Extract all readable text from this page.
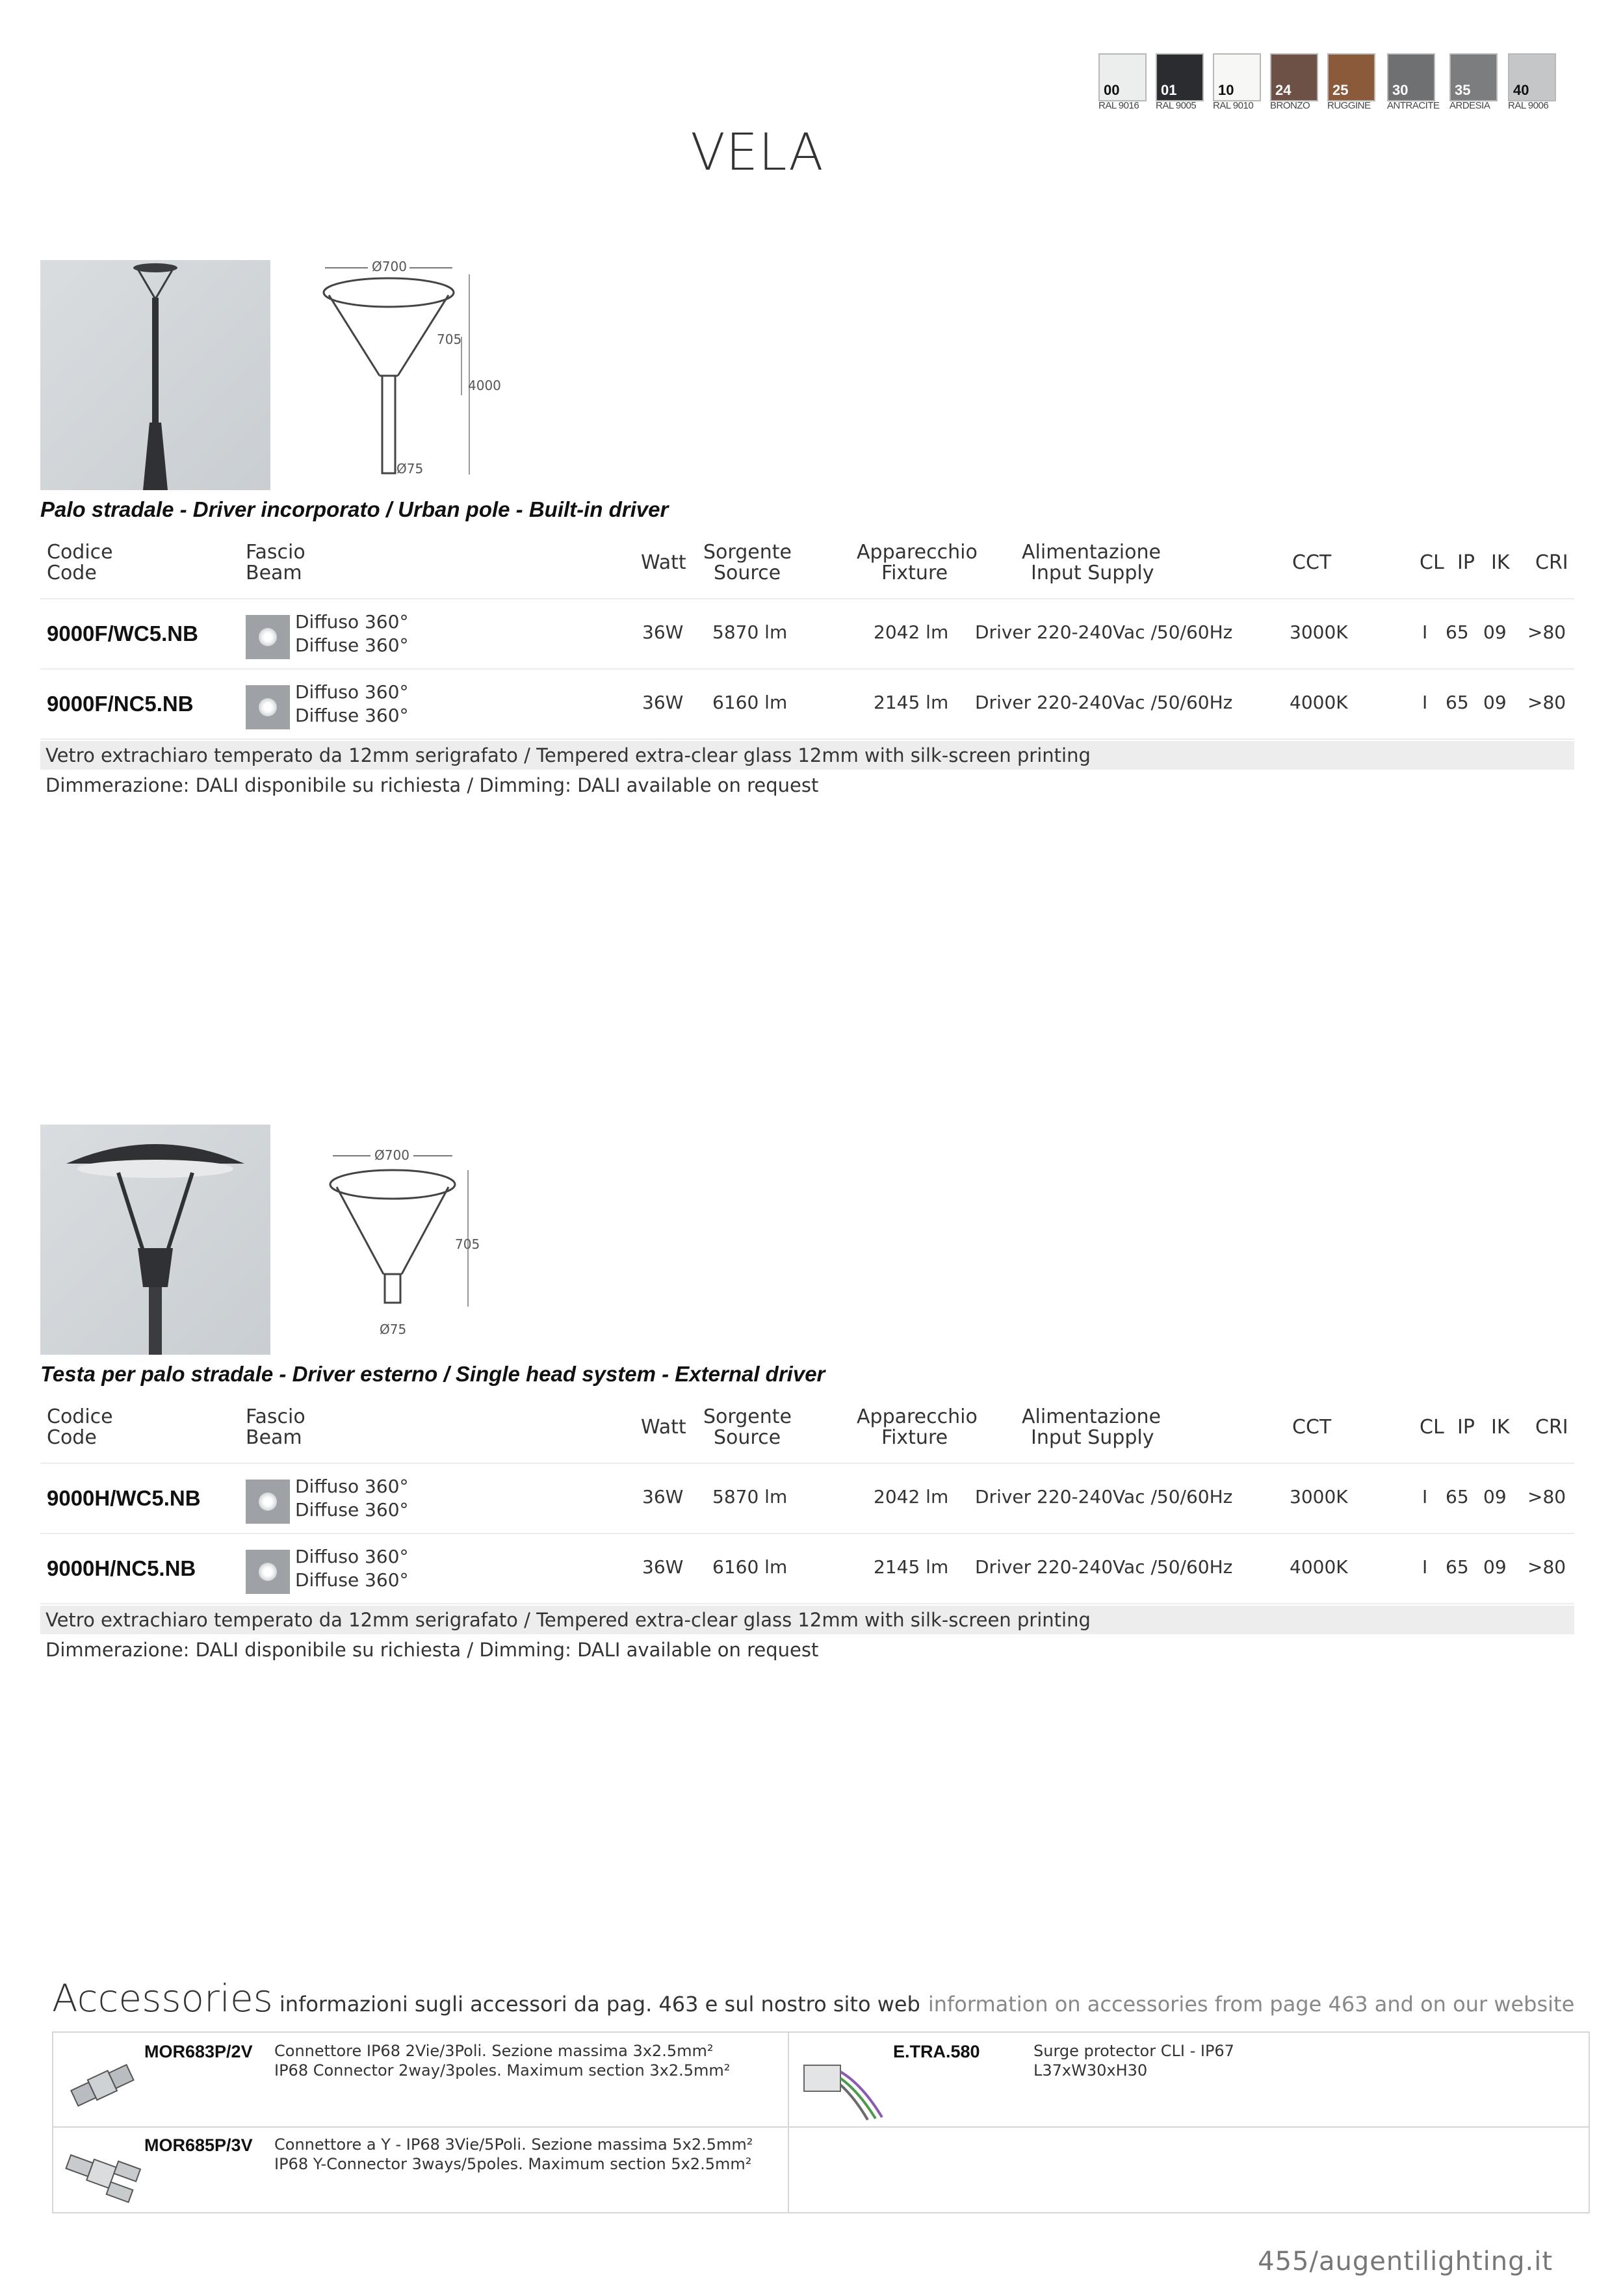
00
RAL 9016
01
RAL 9005
10
RAL 9010
24
BRONZO
25
RUGGINE
30
ANTRACITE
35
ARDESIA
40
RAL 9006
VELA
Ø700
705
4000
Ø75
Palo stradale - Driver incorporato / Urban pole - Built-in driver
Codice
Code
Fascio
Beam	Watt Sorgente
Source
Apparecchio
Fixture
Alimentazione
Input Supply	CCT	CL IP IK CRI
9000F/WC5.NB	Diffuso 360°
Diffuse 360°
36W 5870 lm	2042 lm Driver 220-240Vac /50/60Hz	3000K	I 65 09 >80
9000F/NC5.NB	Diffuso 360°
Diffuse 360°
36W 6160 lm	2145 lm Driver 220-240Vac /50/60Hz	4000K	I 65 09 >80
Vetro extrachiaro temperato da 12mm serigrafato / Tempered extra-clear glass 12mm with silk-screen printing
Dimmerazione: DALI disponibile su richiesta / Dimming: DALI available on request
Ø700
705
Ø75
Testa per palo stradale - Driver esterno / Single head system - External driver
Codice
Code
Fascio
Beam	Watt Sorgente
Source
Apparecchio
Fixture
Alimentazione
Input Supply	CCT	CL IP IK CRI
9000H/WC5.NB	Diffuso 360°
Diffuse 360°
36W 5870 lm	2042 lm Driver 220-240Vac /50/60Hz	3000K	I 65 09 >80
9000H/NC5.NB	Diffuso 360°
Diffuse 360°
36W 6160 lm	2145 lm Driver 220-240Vac /50/60Hz	4000K	I 65 09 >80
Vetro extrachiaro temperato da 12mm serigrafato / Tempered extra-clear glass 12mm with silk-screen printing
Dimmerazione: DALI disponibile su richiesta / Dimming: DALI available on request
Accessories informazioni sugli accessori da pag. 463 e sul nostro sito web information on accessories from page 463 and on our website
MOR683P/2V Connettore IP68 2Vie/3Poli. Sezione massima 3x2.5mm²
IP68 Connector 2way/3poles. Maximum section 3x2.5mm²
E.TRA.580	Surge protector CLI - IP67
L37xW30xH30
MOR685P/3V Connettore a Y - IP68 3Vie/5Poli. Sezione massima 5x2.5mm²
IP68 Y-Connector 3ways/5poles. Maximum section 5x2.5mm²
455/augentilighting.it
